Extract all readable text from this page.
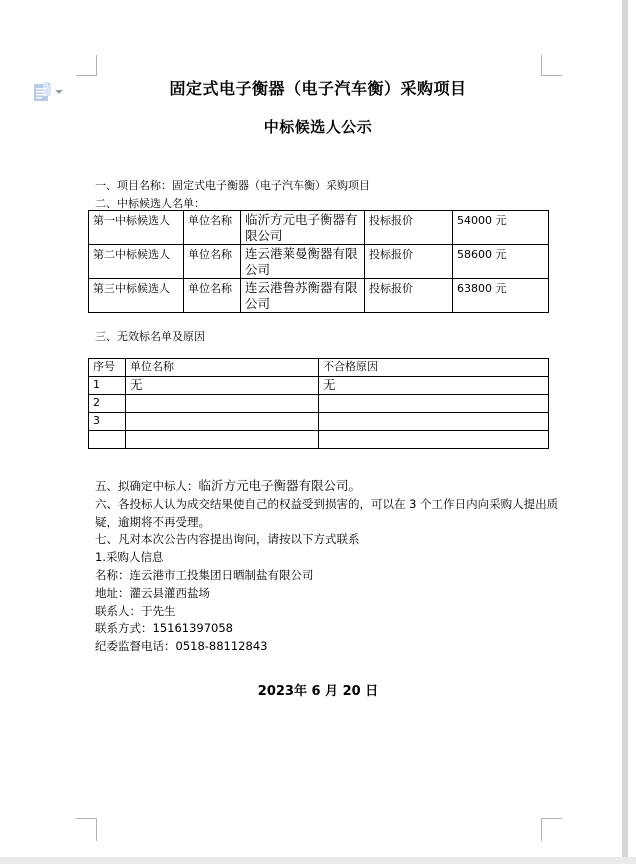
固定式电子衡器（电子汽车衡）采购项目
中标候选人公示
一、项目名称：固定式电子衡器（电子汽车衡）采购项目
二、中标候选人名单：
第一中标候选人	单位名称	临沂方元电子衡器有限公司	投标报价	54000 元
第二中标候选人	单位名称	连云港莱曼衡器有限公司	投标报价	58600 元
第三中标候选人	单位名称	连云港鲁苏衡器有限公司	投标报价	63800 元
三、无效标名单及原因
序号	单位名称	不合格原因
1	无	无
2		
3		

五、拟确定中标人：临沂方元电子衡器有限公司。
六、各投标人认为成交结果使自己的权益受到损害的，可以在 3 个工作日内向采购人提出质
疑，逾期将不再受理。
七、凡对本次公告内容提出询问，请按以下方式联系
1.采购人信息
名称：连云港市工投集团日晒制盐有限公司
地址：灌云县灌西盐场
联系人：于先生
联系方式：15161397058
纪委监督电话：0518-88112843
2023年 6 月 20 日
